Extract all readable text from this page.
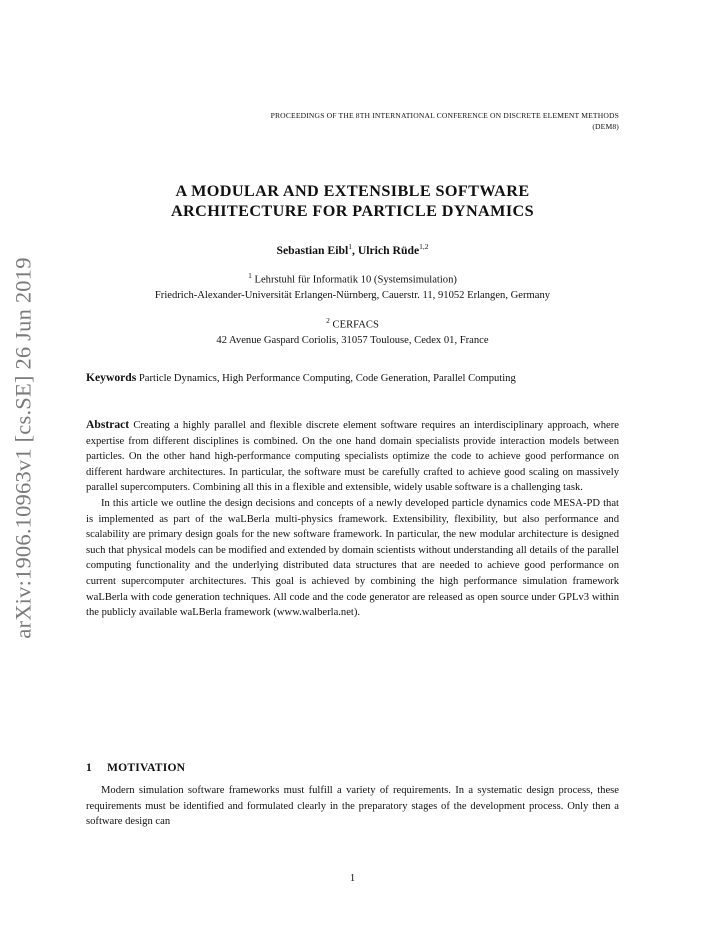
arXiv:1906.10963v1 [cs.SE] 26 Jun 2019
PROCEEDINGS OF THE 8TH INTERNATIONAL CONFERENCE ON DISCRETE ELEMENT METHODS
(DEM8)
A MODULAR AND EXTENSIBLE SOFTWARE
ARCHITECTURE FOR PARTICLE DYNAMICS
Sebastian Eibl$^1$, Ulrich Rüde$^{1,2}$
$^1$ Lehrstuhl für Informatik 10 (Systemsimulation)
Friedrich-Alexander-Universität Erlangen-Nürnberg, Cauerstr. 11, 91052 Erlangen, Germany
$^2$ CERFACS
42 Avenue Gaspard Coriolis, 31057 Toulouse, Cedex 01, France
Keywords Particle Dynamics, High Performance Computing, Code Generation, Parallel Computing
Abstract Creating a highly parallel and flexible discrete element software requires an interdisciplinary approach, where expertise from different disciplines is combined. On the one hand domain specialists provide interaction models between particles. On the other hand high-performance computing specialists optimize the code to achieve good performance on different hardware architectures. In particular, the software must be carefully crafted to achieve good scaling on massively parallel supercomputers. Combining all this in a flexible and extensible, widely usable software is a challenging task.
In this article we outline the design decisions and concepts of a newly developed particle dynamics code MESA-PD that is implemented as part of the waLBerla multi-physics framework. Extensibility, flexibility, but also performance and scalability are primary design goals for the new software framework. In particular, the new modular architecture is designed such that physical models can be modified and extended by domain scientists without understanding all details of the parallel computing functionality and the underlying distributed data structures that are needed to achieve good performance on current supercomputer architectures. This goal is achieved by combining the high performance simulation framework waLBerla with code generation techniques. All code and the code generator are released as open source under GPLv3 within the publicly available waLBerla framework (www.walberla.net).
1 MOTIVATION
Modern simulation software frameworks must fulfill a variety of requirements. In a systematic design process, these requirements must be identified and formulated clearly in the preparatory stages of the development process. Only then a software design can
1
